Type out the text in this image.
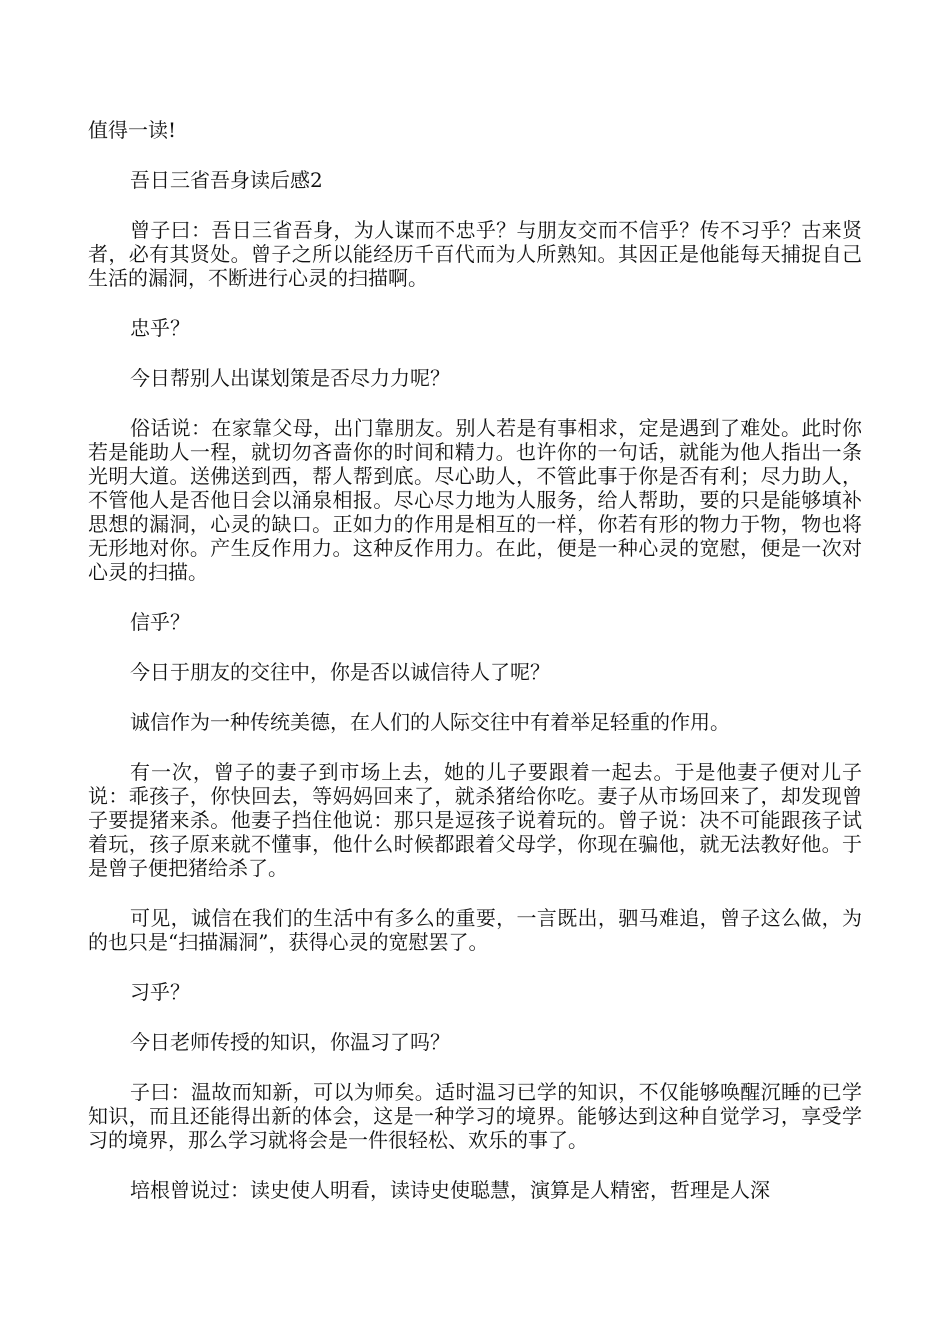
值得一读!

吾日三省吾身读后感2

曾子曰：吾日三省吾身，为人谋而不忠乎？与朋友交而不信乎？传不习乎？古来贤者，必有其贤处。曾子之所以能经历千百代而为人所熟知。其因正是他能每天捕捉自己生活的漏洞，不断进行心灵的扫描啊。

忠乎？

今日帮别人出谋划策是否尽力力呢？

俗话说：在家靠父母，出门靠朋友。别人若是有事相求，定是遇到了难处。此时你若是能助人一程，就切勿吝啬你的时间和精力。也许你的一句话，就能为他人指出一条光明大道。送佛送到西，帮人帮到底。尽心助人，不管此事于你是否有利；尽力助人，不管他人是否他日会以涌泉相报。尽心尽力地为人服务，给人帮助，要的只是能够填补思想的漏洞，心灵的缺口。正如力的作用是相互的一样，你若有形的物力于物，物也将无形地对你。产生反作用力。这种反作用力。在此，便是一种心灵的宽慰，便是一次对心灵的扫描。

信乎？

今日于朋友的交往中，你是否以诚信待人了呢？

诚信作为一种传统美德，在人们的人际交往中有着举足轻重的作用。

有一次，曾子的妻子到市场上去，她的儿子要跟着一起去。于是他妻子便对儿子说：乖孩子，你快回去，等妈妈回来了，就杀猪给你吃。妻子从市场回来了，却发现曾子要提猪来杀。他妻子挡住他说：那只是逗孩子说着玩的。曾子说：决不可能跟孩子试着玩，孩子原来就不懂事，他什么时候都跟着父母学，你现在骗他，就无法教好他。于是曾子便把猪给杀了。

可见，诚信在我们的生活中有多么的重要，一言既出，驷马难追，曾子这么做，为的也只是“扫描漏洞”，获得心灵的宽慰罢了。

习乎？

今日老师传授的知识，你温习了吗？

子曰：温故而知新，可以为师矣。适时温习已学的知识，不仅能够唤醒沉睡的已学知识，而且还能得出新的体会，这是一种学习的境界。能够达到这种自觉学习，享受学习的境界，那么学习就将会是一件很轻松、欢乐的事了。

培根曾说过：读史使人明看，读诗史使聪慧，演算是人精密，哲理是人深
